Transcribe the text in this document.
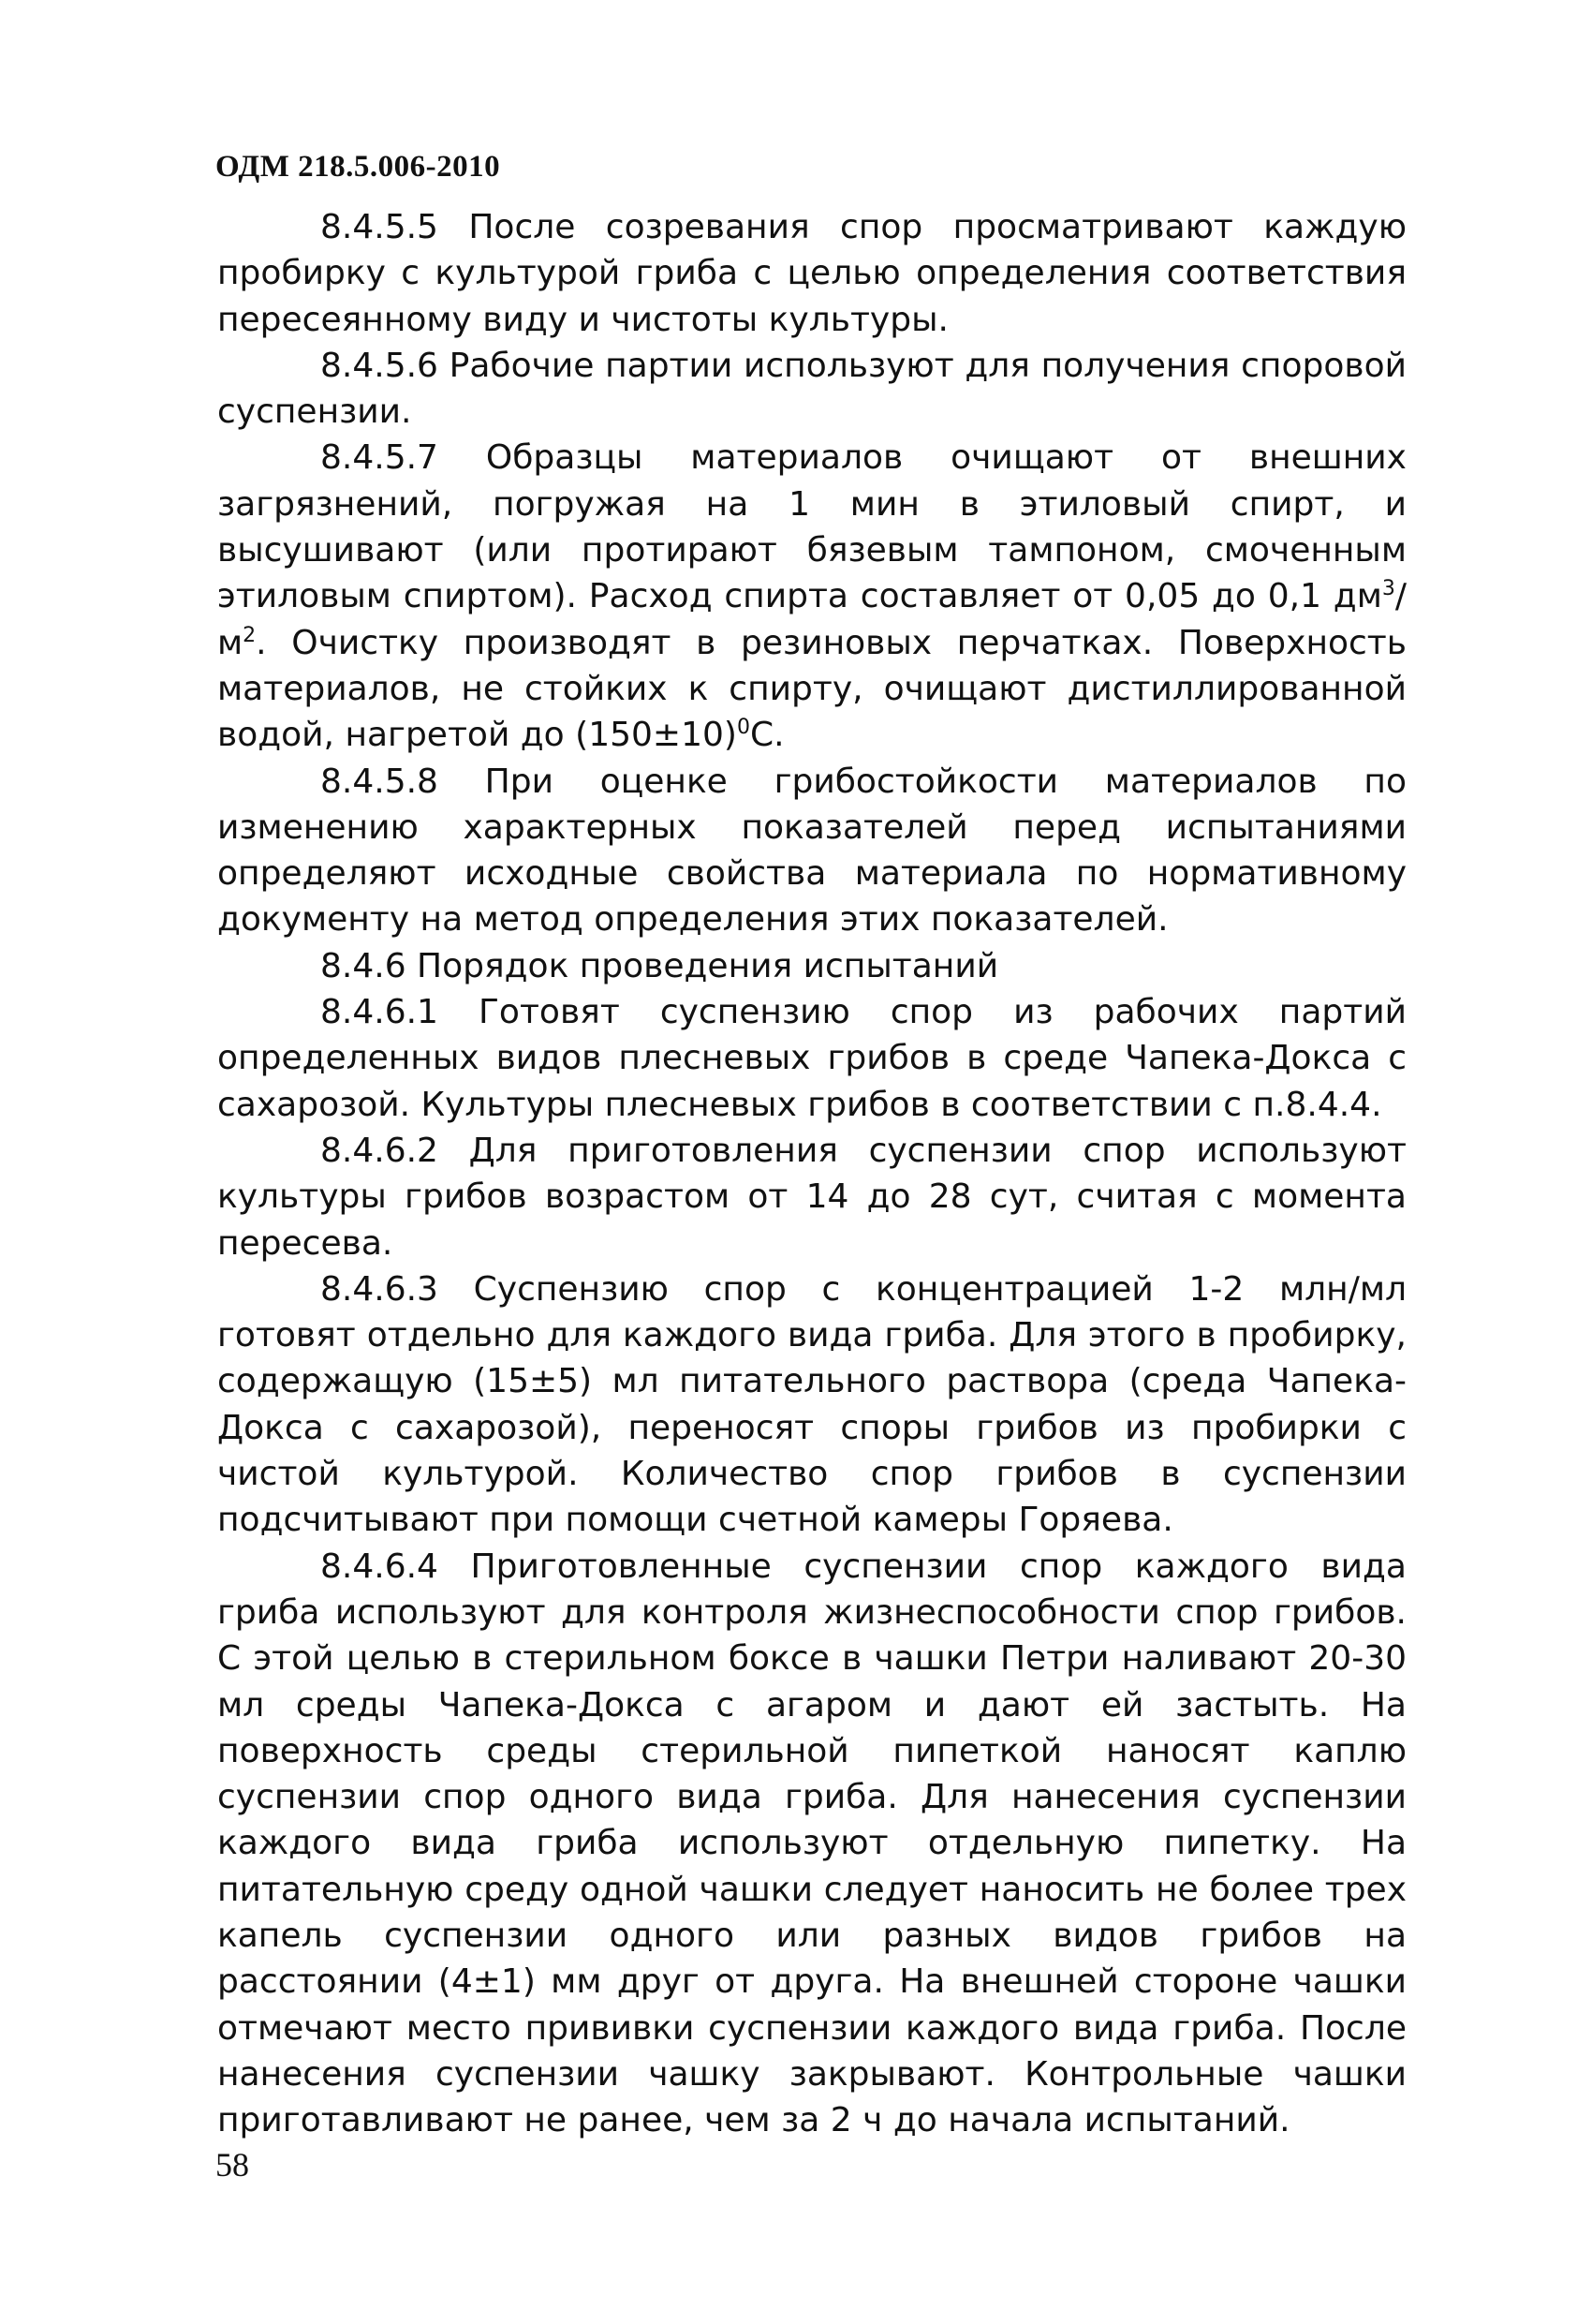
ОДМ 218.5.006-2010

8.4.5.5 После созревания спор просматривают каждую пробирку с культурой гриба с целью определения соответствия пересеянному виду и чистоты культуры.

8.4.5.6 Рабочие партии используют для получения споровой суспензии.

8.4.5.7 Образцы материалов очищают от внешних загрязнений, погружая на 1 мин в этиловый спирт, и высушивают (или протирают бязевым тампоном, смоченным этиловым спиртом). Расход спирта составляет от 0,05 до 0,1 $дм^3/м^2$. Очистку производят в резиновых перчатках. Поверхность материалов, не стойких к спирту, очищают дистиллированной водой, нагретой до $(150\pm 10)^0С$.

8.4.5.8 При оценке грибостойкости материалов по изменению характерных показателей перед испытаниями определяют исходные свойства материала по нормативному документу на метод определения этих показателей.

8.4.6 Порядок проведения испытаний

8.4.6.1 Готовят суспензию спор из рабочих партий определенных видов плесневых грибов в среде Чапека-Докса с сахарозой. Культуры плесневых грибов в соответствии с п.8.4.4.

8.4.6.2 Для приготовления суспензии спор используют культуры грибов возрастом от 14 до 28 сут, считая с момента пересева.

8.4.6.3 Суспензию спор с концентрацией 1-2 млн/мл готовят отдельно для каждого вида гриба. Для этого в пробирку, содержащую (15±5) мл питательного раствора (среда Чапека-Докса с сахарозой), переносят споры грибов из пробирки с чистой культурой. Количество спор грибов в суспензии подсчитывают при помощи счетной камеры Горяева.

8.4.6.4 Приготовленные суспензии спор каждого вида гриба используют для контроля жизнеспособности спор грибов. С этой целью в стерильном боксе в чашки Петри наливают 20-30 мл среды Чапека-Докса с агаром и дают ей застыть. На поверхность среды стерильной пипеткой наносят каплю суспензии спор одного вида гриба. Для нанесения суспензии каждого вида гриба используют отдельную пипетку. На питательную среду одной чашки следует наносить не более трех капель суспензии одного или разных видов грибов на расстоянии (4±1) мм друг от друга. На внешней стороне чашки отмечают место прививки суспензии каждого вида гриба. После нанесения суспензии чашку закрывают. Контрольные чашки приготавливают не ранее, чем за 2 ч до начала испытаний.

58
